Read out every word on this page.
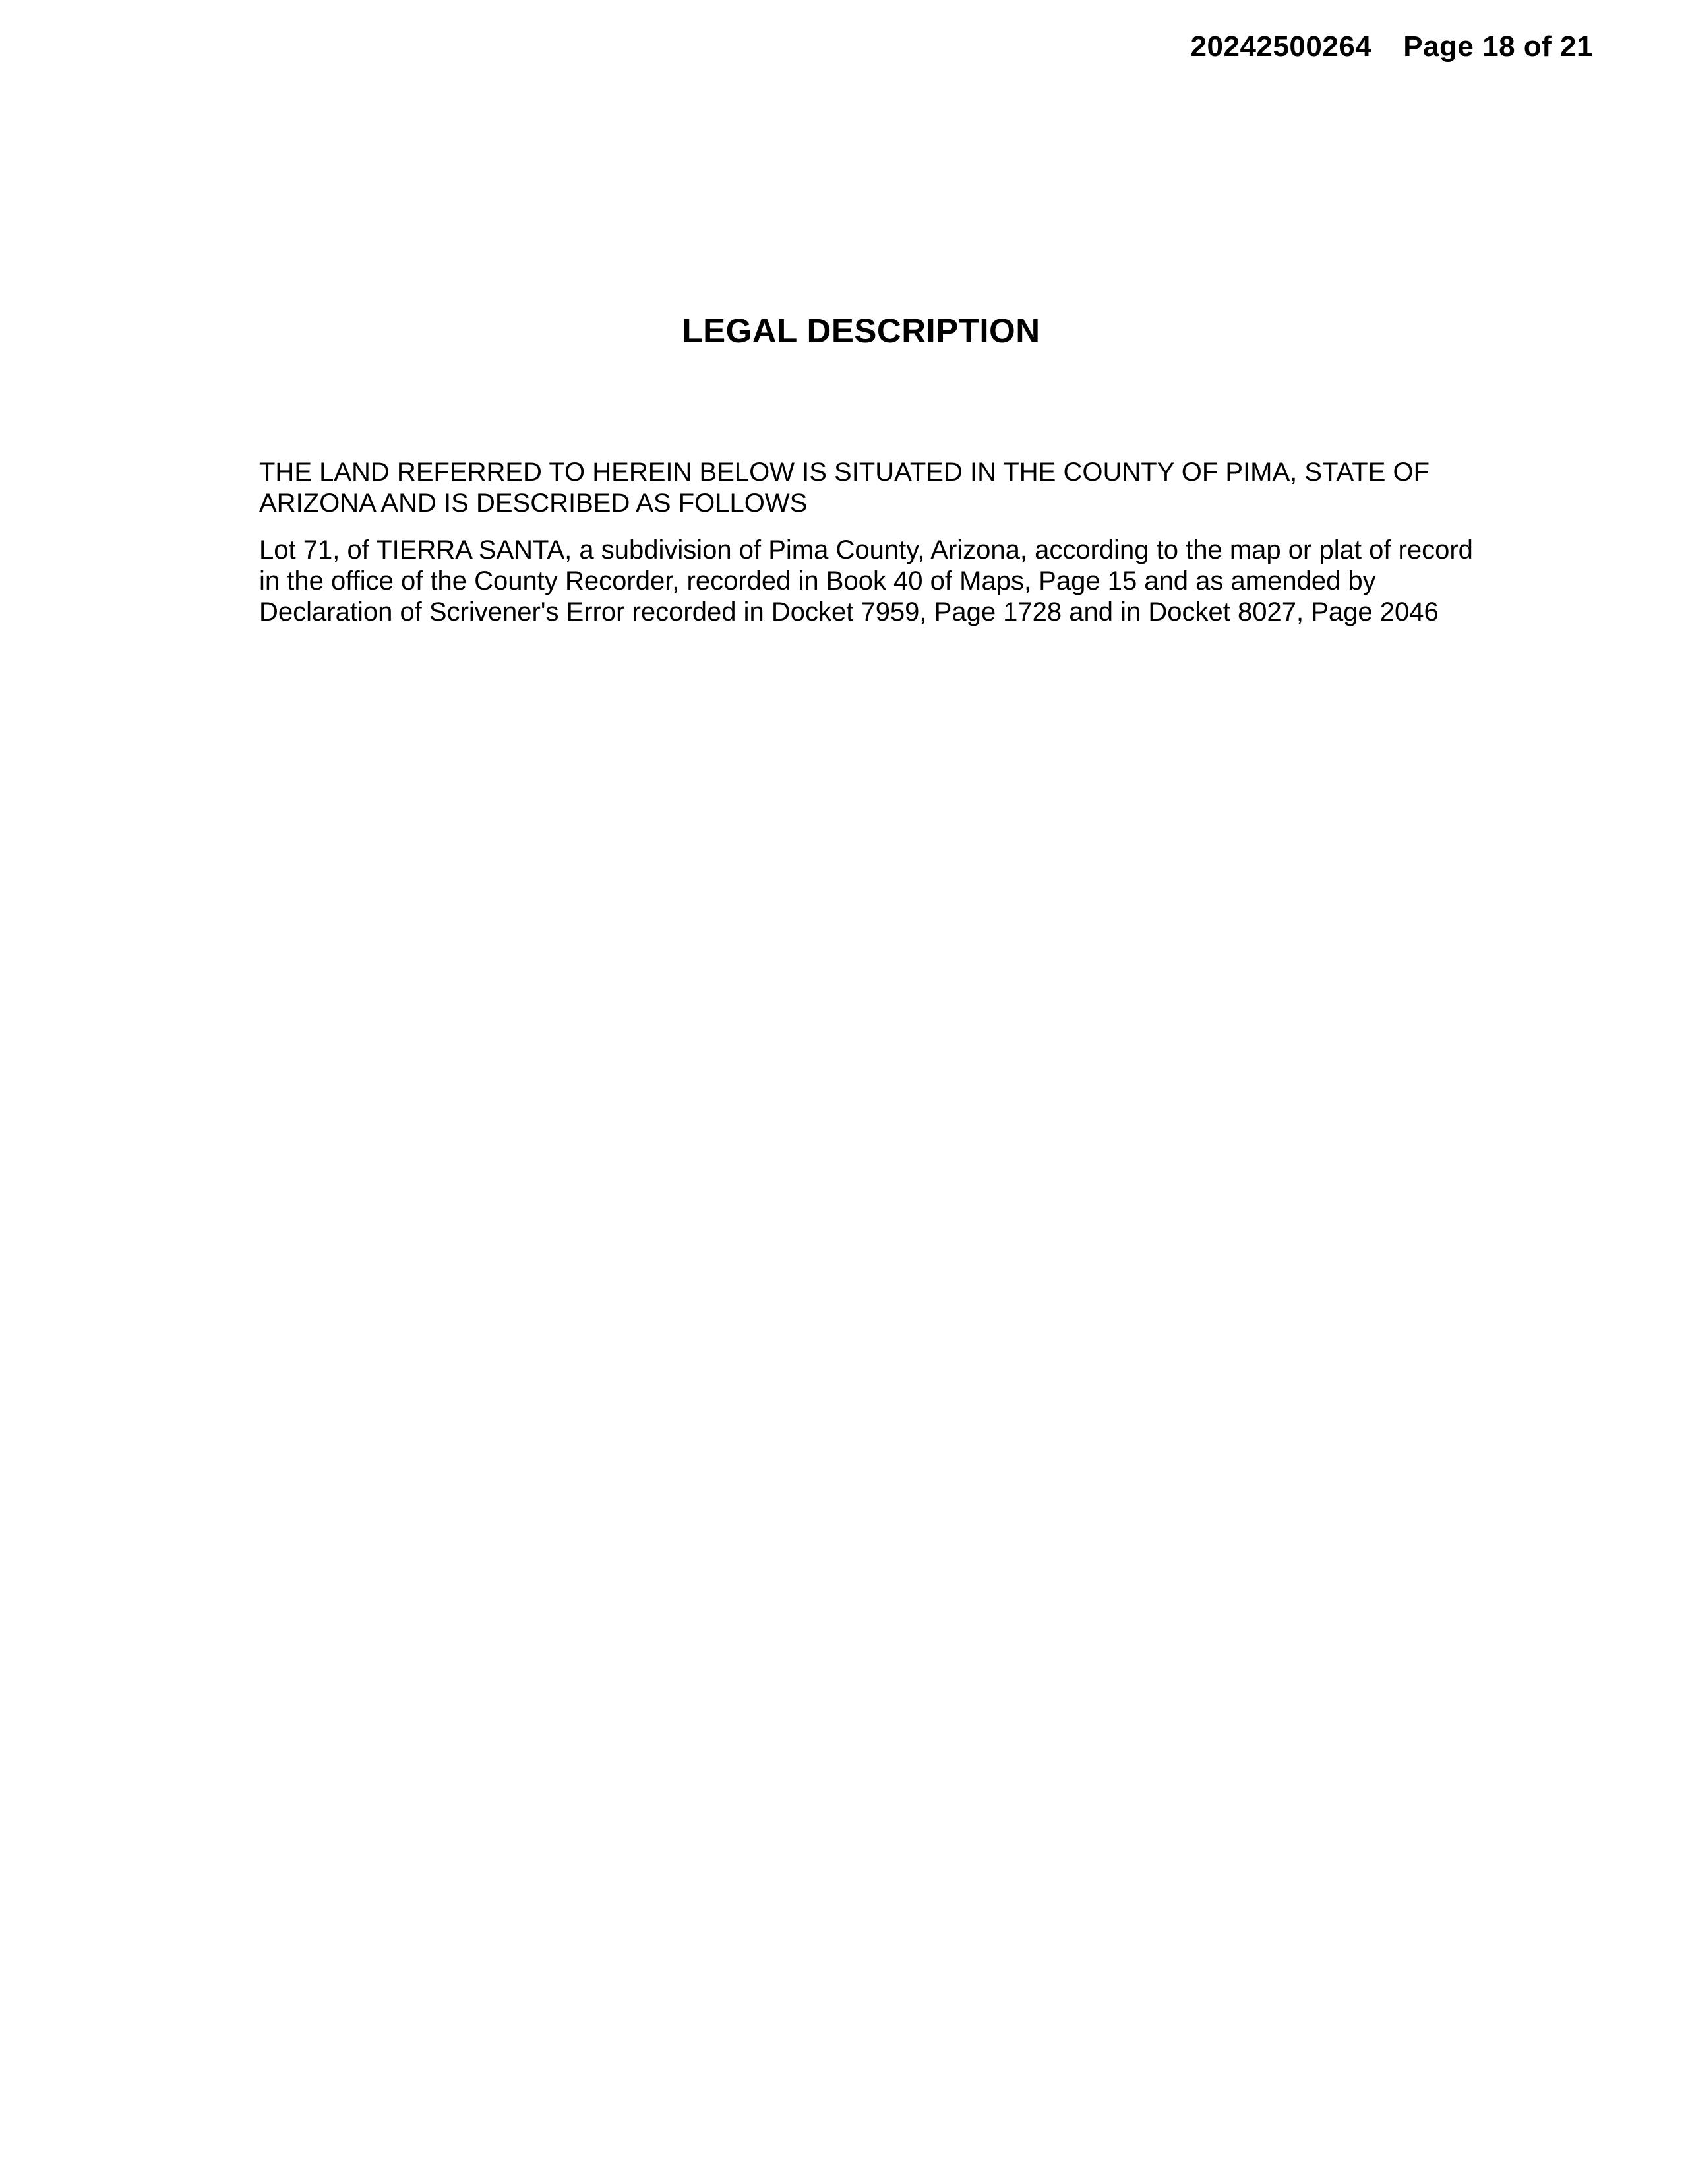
20242500264 Page 18 of 21
LEGAL DESCRIPTION

THE LAND REFERRED TO HEREIN BELOW IS SITUATED IN THE COUNTY OF PIMA, STATE OF ARIZONA AND IS DESCRIBED AS FOLLOWS

Lot 71, of TIERRA SANTA, a subdivision of Pima County, Arizona, according to the map or plat of record in the office of the County Recorder, recorded in Book 40 of Maps, Page 15 and as amended by Declaration of Scrivener's Error recorded in Docket 7959, Page 1728 and in Docket 8027, Page 2046
